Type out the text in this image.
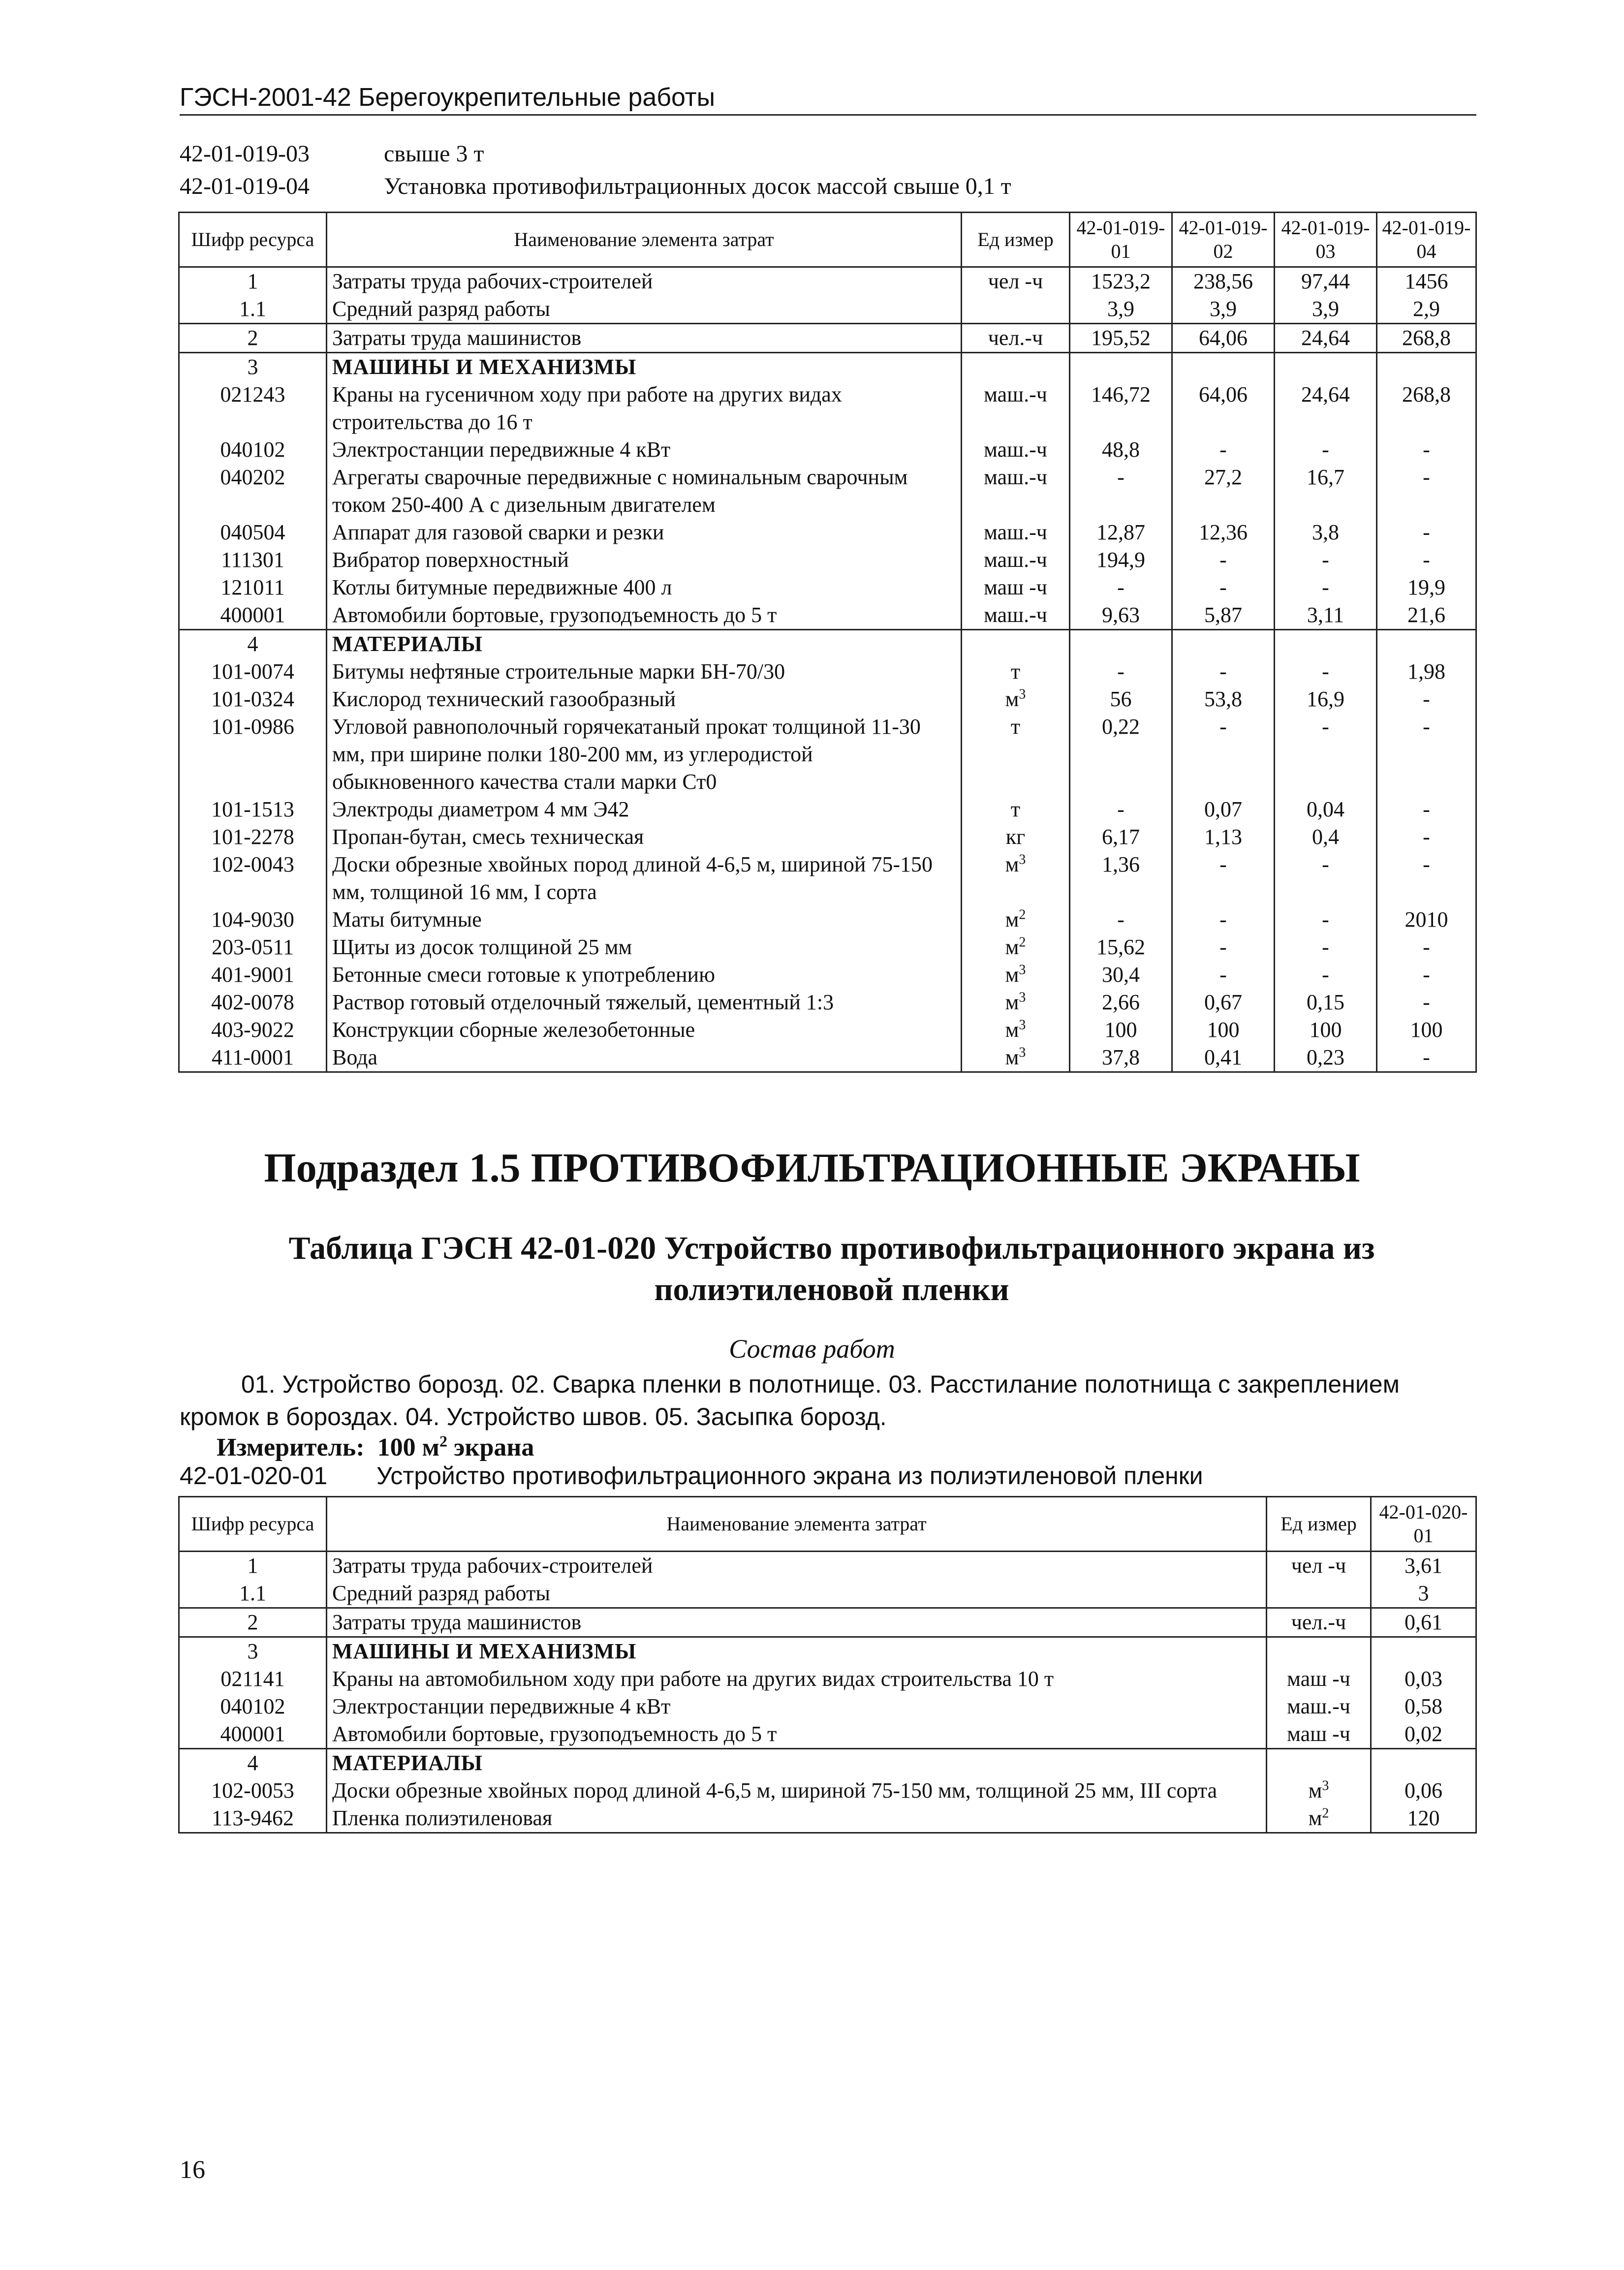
ГЭСН-2001-42 Берегоукрепительные работы
42-01-019-03	свыше 3 т
42-01-019-04	Установка противофильтрационных досок массой свыше 0,1 т
Шифр ресурса	Наименование элемента затрат	Ед измер	42-01-019-01	42-01-019-02	42-01-019-03	42-01-019-04
1	Затраты труда рабочих-строителей	чел -ч	1523,2	238,56	97,44	1456
1.1	Средний разряд работы		3,9	3,9	3,9	2,9
2	Затраты труда машинистов	чел.-ч	195,52	64,06	24,64	268,8
3	МАШИНЫ И МЕХАНИЗМЫ					
021243	Краны на гусеничном ходу при работе на других видах строительства до 16 т	маш.-ч	146,72	64,06	24,64	268,8
040102	Электростанции передвижные 4 кВт	маш.-ч	48,8	-	-	-
040202	Агрегаты сварочные передвижные с номинальным сварочным током 250-400 А с дизельным двигателем	маш.-ч	-	27,2	16,7	-
040504	Аппарат для газовой сварки и резки	маш.-ч	12,87	12,36	3,8	-
111301	Вибратор поверхностный	маш.-ч	194,9	-	-	-
121011	Котлы битумные передвижные 400 л	маш -ч	-	-	-	19,9
400001	Автомобили бортовые, грузоподъемность до 5 т	маш.-ч	9,63	5,87	3,11	21,6
4	МАТЕРИАЛЫ					
101-0074	Битумы нефтяные строительные марки БН-70/30	т	-	-	-	1,98
101-0324	Кислород технический газообразный	$м^3$	56	53,8	16,9	-
101-0986	Угловой равнополочный горячекатаный прокат толщиной 11-30 мм, при ширине полки 180-200 мм, из углеродистой обыкновенного качества стали марки Ст0	т	0,22	-	-	-
101-1513	Электроды диаметром 4 мм Э42	т	-	0,07	0,04	-
101-2278	Пропан-бутан, смесь техническая	кг	6,17	1,13	0,4	-
102-0043	Доски обрезные хвойных пород длиной 4-6,5 м, шириной 75-150 мм, толщиной 16 мм, I сорта	$м^3$	1,36	-	-	-
104-9030	Маты битумные	$м^2$	-	-	-	2010
203-0511	Щиты из досок толщиной 25 мм	$м^2$	15,62	-	-	-
401-9001	Бетонные смеси готовые к употреблению	$м^3$	30,4	-	-	-
402-0078	Раствор готовый отделочный тяжелый, цементный 1:3	$м^3$	2,66	0,67	0,15	-
403-9022	Конструкции сборные железобетонные	$м^3$	100	100	100	100
411-0001	Вода	$м^3$	37,8	0,41	0,23	-
Подраздел 1.5 ПРОТИВОФИЛЬТРАЦИОННЫЕ ЭКРАНЫ
Таблица ГЭСН 42-01-020 Устройство противофильтрационного экрана из полиэтиленовой пленки
Состав работ
01. Устройство борозд. 02. Сварка пленки в полотнище. 03. Расстилание полотнища с закреплением кромок в бороздах. 04. Устройство швов. 05. Засыпка борозд.
Измеритель: 100 $м^2$ экрана
42-01-020-01 Устройство противофильтрационного экрана из полиэтиленовой пленки
Шифр ресурса	Наименование элемента затрат	Ед измер	42-01-020-01
1	Затраты труда рабочих-строителей	чел -ч	3,61
1.1	Средний разряд работы		3
2	Затраты труда машинистов	чел.-ч	0,61
3	МАШИНЫ И МЕХАНИЗМЫ		
021141	Краны на автомобильном ходу при работе на других видах строительства 10 т	маш -ч	0,03
040102	Электростанции передвижные 4 кВт	маш.-ч	0,58
400001	Автомобили бортовые, грузоподъемность до 5 т	маш -ч	0,02
4	МАТЕРИАЛЫ		
102-0053	Доски обрезные хвойных пород длиной 4-6,5 м, шириной 75-150 мм, толщиной 25 мм, III сорта	$м^3$	0,06
113-9462	Пленка полиэтиленовая	$м^2$	120
16
